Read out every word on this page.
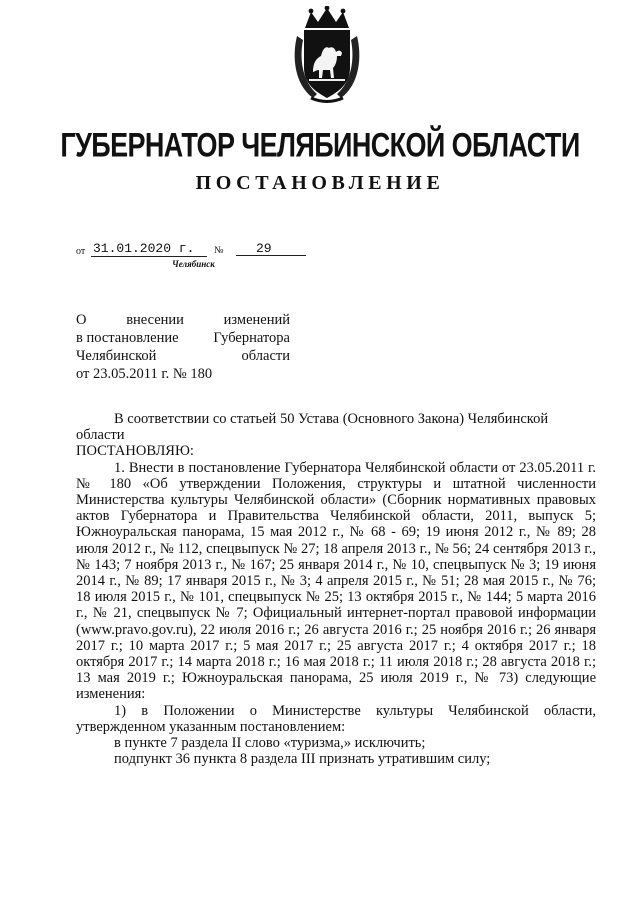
ГУБЕРНАТОР ЧЕЛЯБИНСКОЙ ОБЛАСТИ
ПОСТАНОВЛЕНИЕ
от 31.01.2020 г.	№	29
Челябинск
О	внесении	изменений
в постановление Губернатора
Челябинской	области
от 23.05.2011 г. № 180
В соответствии со статьей 50 Устава (Основного Закона) Челябинской
области
ПОСТАНОВЛЯЮ:
1. Внести в постановление Губернатора Челябинской области от 23.05.2011 г. № 180 «Об утверждении Положения, структуры и штатной численности Министерства культуры Челябинской области» (Сборник нормативных правовых актов Губернатора и Правительства Челябинской области, 2011, выпуск 5; Южноуральская панорама, 15 мая 2012 г., № 68 - 69; 19 июня 2012 г., № 89; 28 июля 2012 г., № 112, спецвыпуск № 27; 18 апреля 2013 г., № 56; 24 сентября 2013 г., № 143; 7 ноября 2013 г., № 167; 25 января 2014 г., № 10, спецвыпуск № 3; 19 июня 2014 г., № 89; 17 января 2015 г., № 3; 4 апреля 2015 г., № 51; 28 мая 2015 г., № 76; 18 июля 2015 г., № 101, спецвыпуск № 25; 13 октября 2015 г., № 144; 5 марта 2016 г., № 21, спецвыпуск № 7; Официальный интернет-портал правовой информации (www.pravo.gov.ru), 22 июля 2016 г.; 26 августа 2016 г.; 25 ноября 2016 г.; 26 января 2017 г.; 10 марта 2017 г.; 5 мая 2017 г.; 25 августа 2017 г.; 4 октября 2017 г.; 18 октября 2017 г.; 14 марта 2018 г.; 16 мая 2018 г.; 11 июля 2018 г.; 28 августа 2018 г.; 13 мая 2019 г.; Южноуральская панорама, 25 июля 2019 г., № 73) следующие изменения:
1) в Положении о Министерстве культуры Челябинской области, утвержденном указанным постановлением:
в пункте 7 раздела II слово «туризма,» исключить;
подпункт 36 пункта 8 раздела III признать утратившим силу;
